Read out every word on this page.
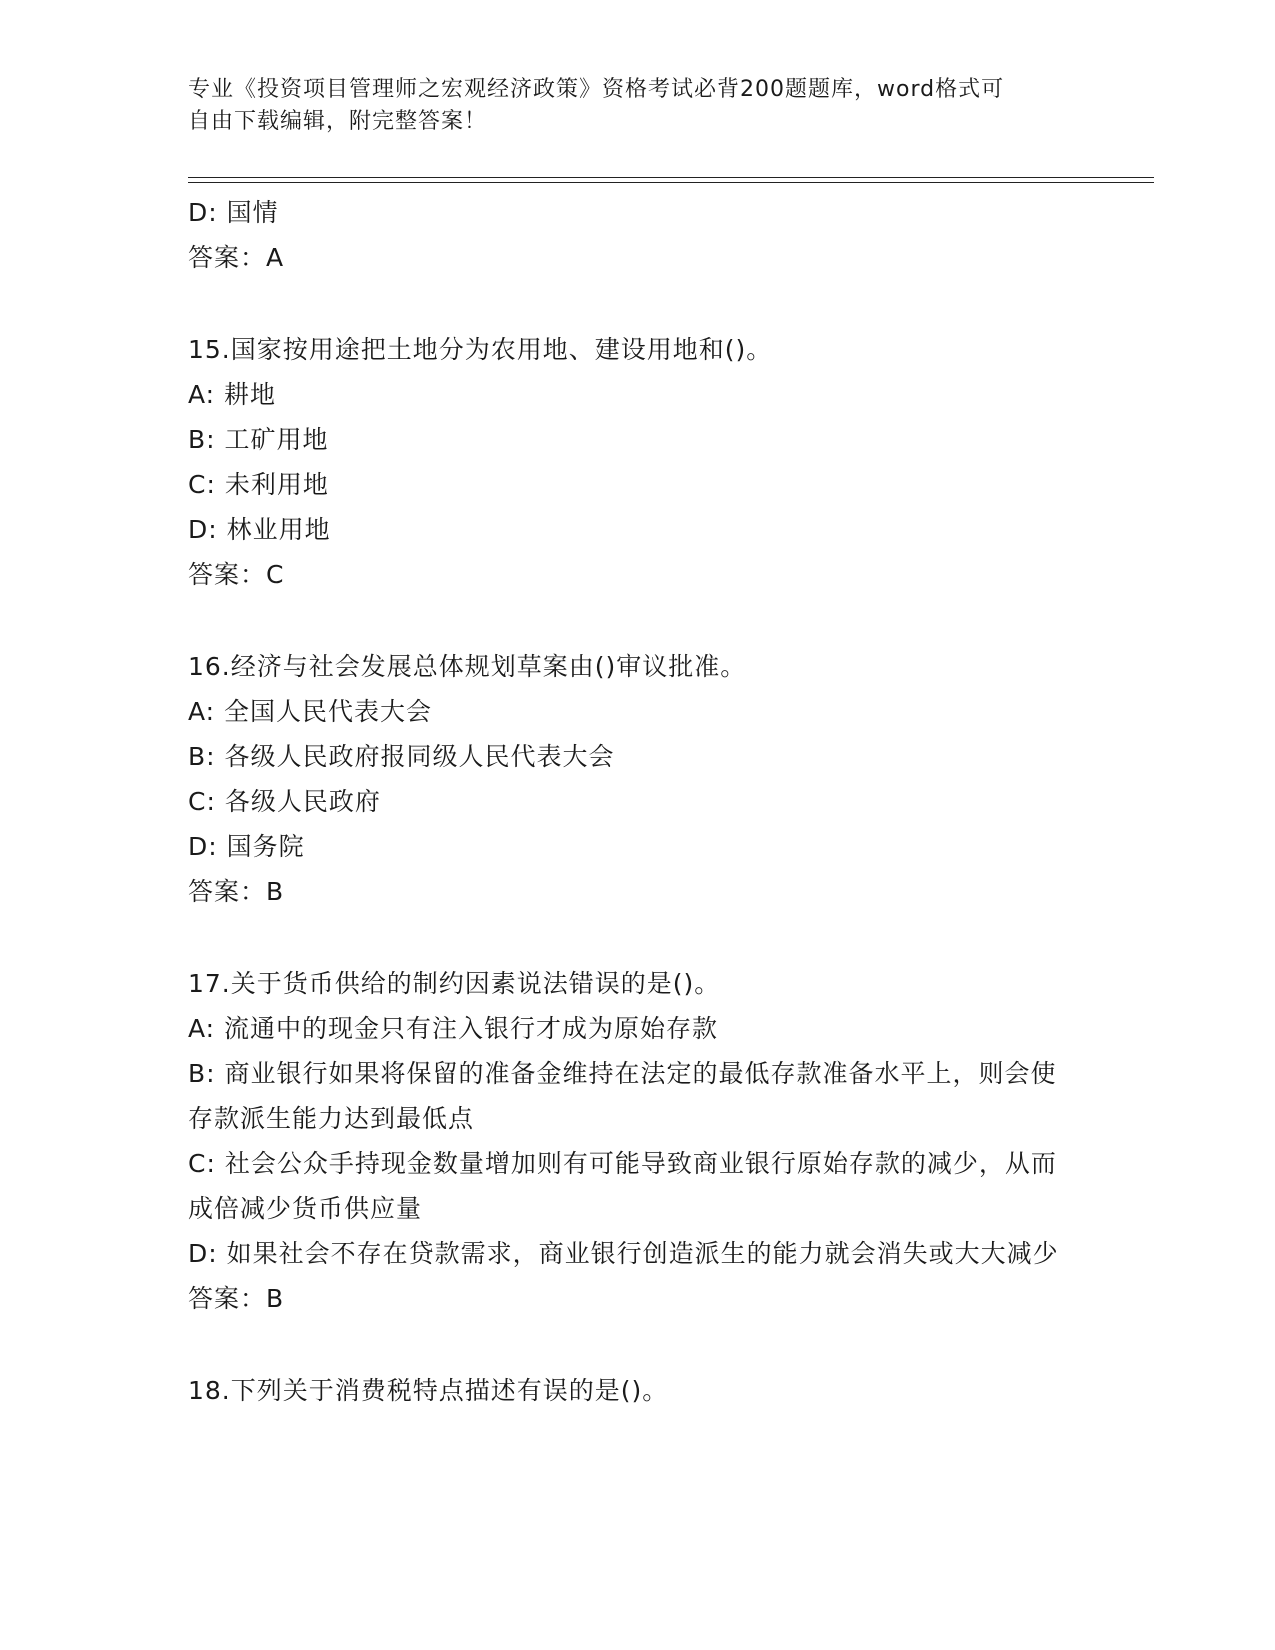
专业《投资项目管理师之宏观经济政策》资格考试必背200题题库，word格式可
自由下载编辑，附完整答案！
D: 国情
答案：A
15.国家按用途把土地分为农用地、建设用地和()。
A: 耕地
B: 工矿用地
C: 未利用地
D: 林业用地
答案：C
16.经济与社会发展总体规划草案由()审议批准。
A: 全国人民代表大会
B: 各级人民政府报同级人民代表大会
C: 各级人民政府
D: 国务院
答案：B
17.关于货币供给的制约因素说法错误的是()。
A: 流通中的现金只有注入银行才成为原始存款
B: 商业银行如果将保留的准备金维持在法定的最低存款准备水平上，则会使存款派生能力达到最低点
C: 社会公众手持现金数量增加则有可能导致商业银行原始存款的减少，从而成倍减少货币供应量
D: 如果社会不存在贷款需求，商业银行创造派生的能力就会消失或大大减少
答案：B
18.下列关于消费税特点描述有误的是()。
